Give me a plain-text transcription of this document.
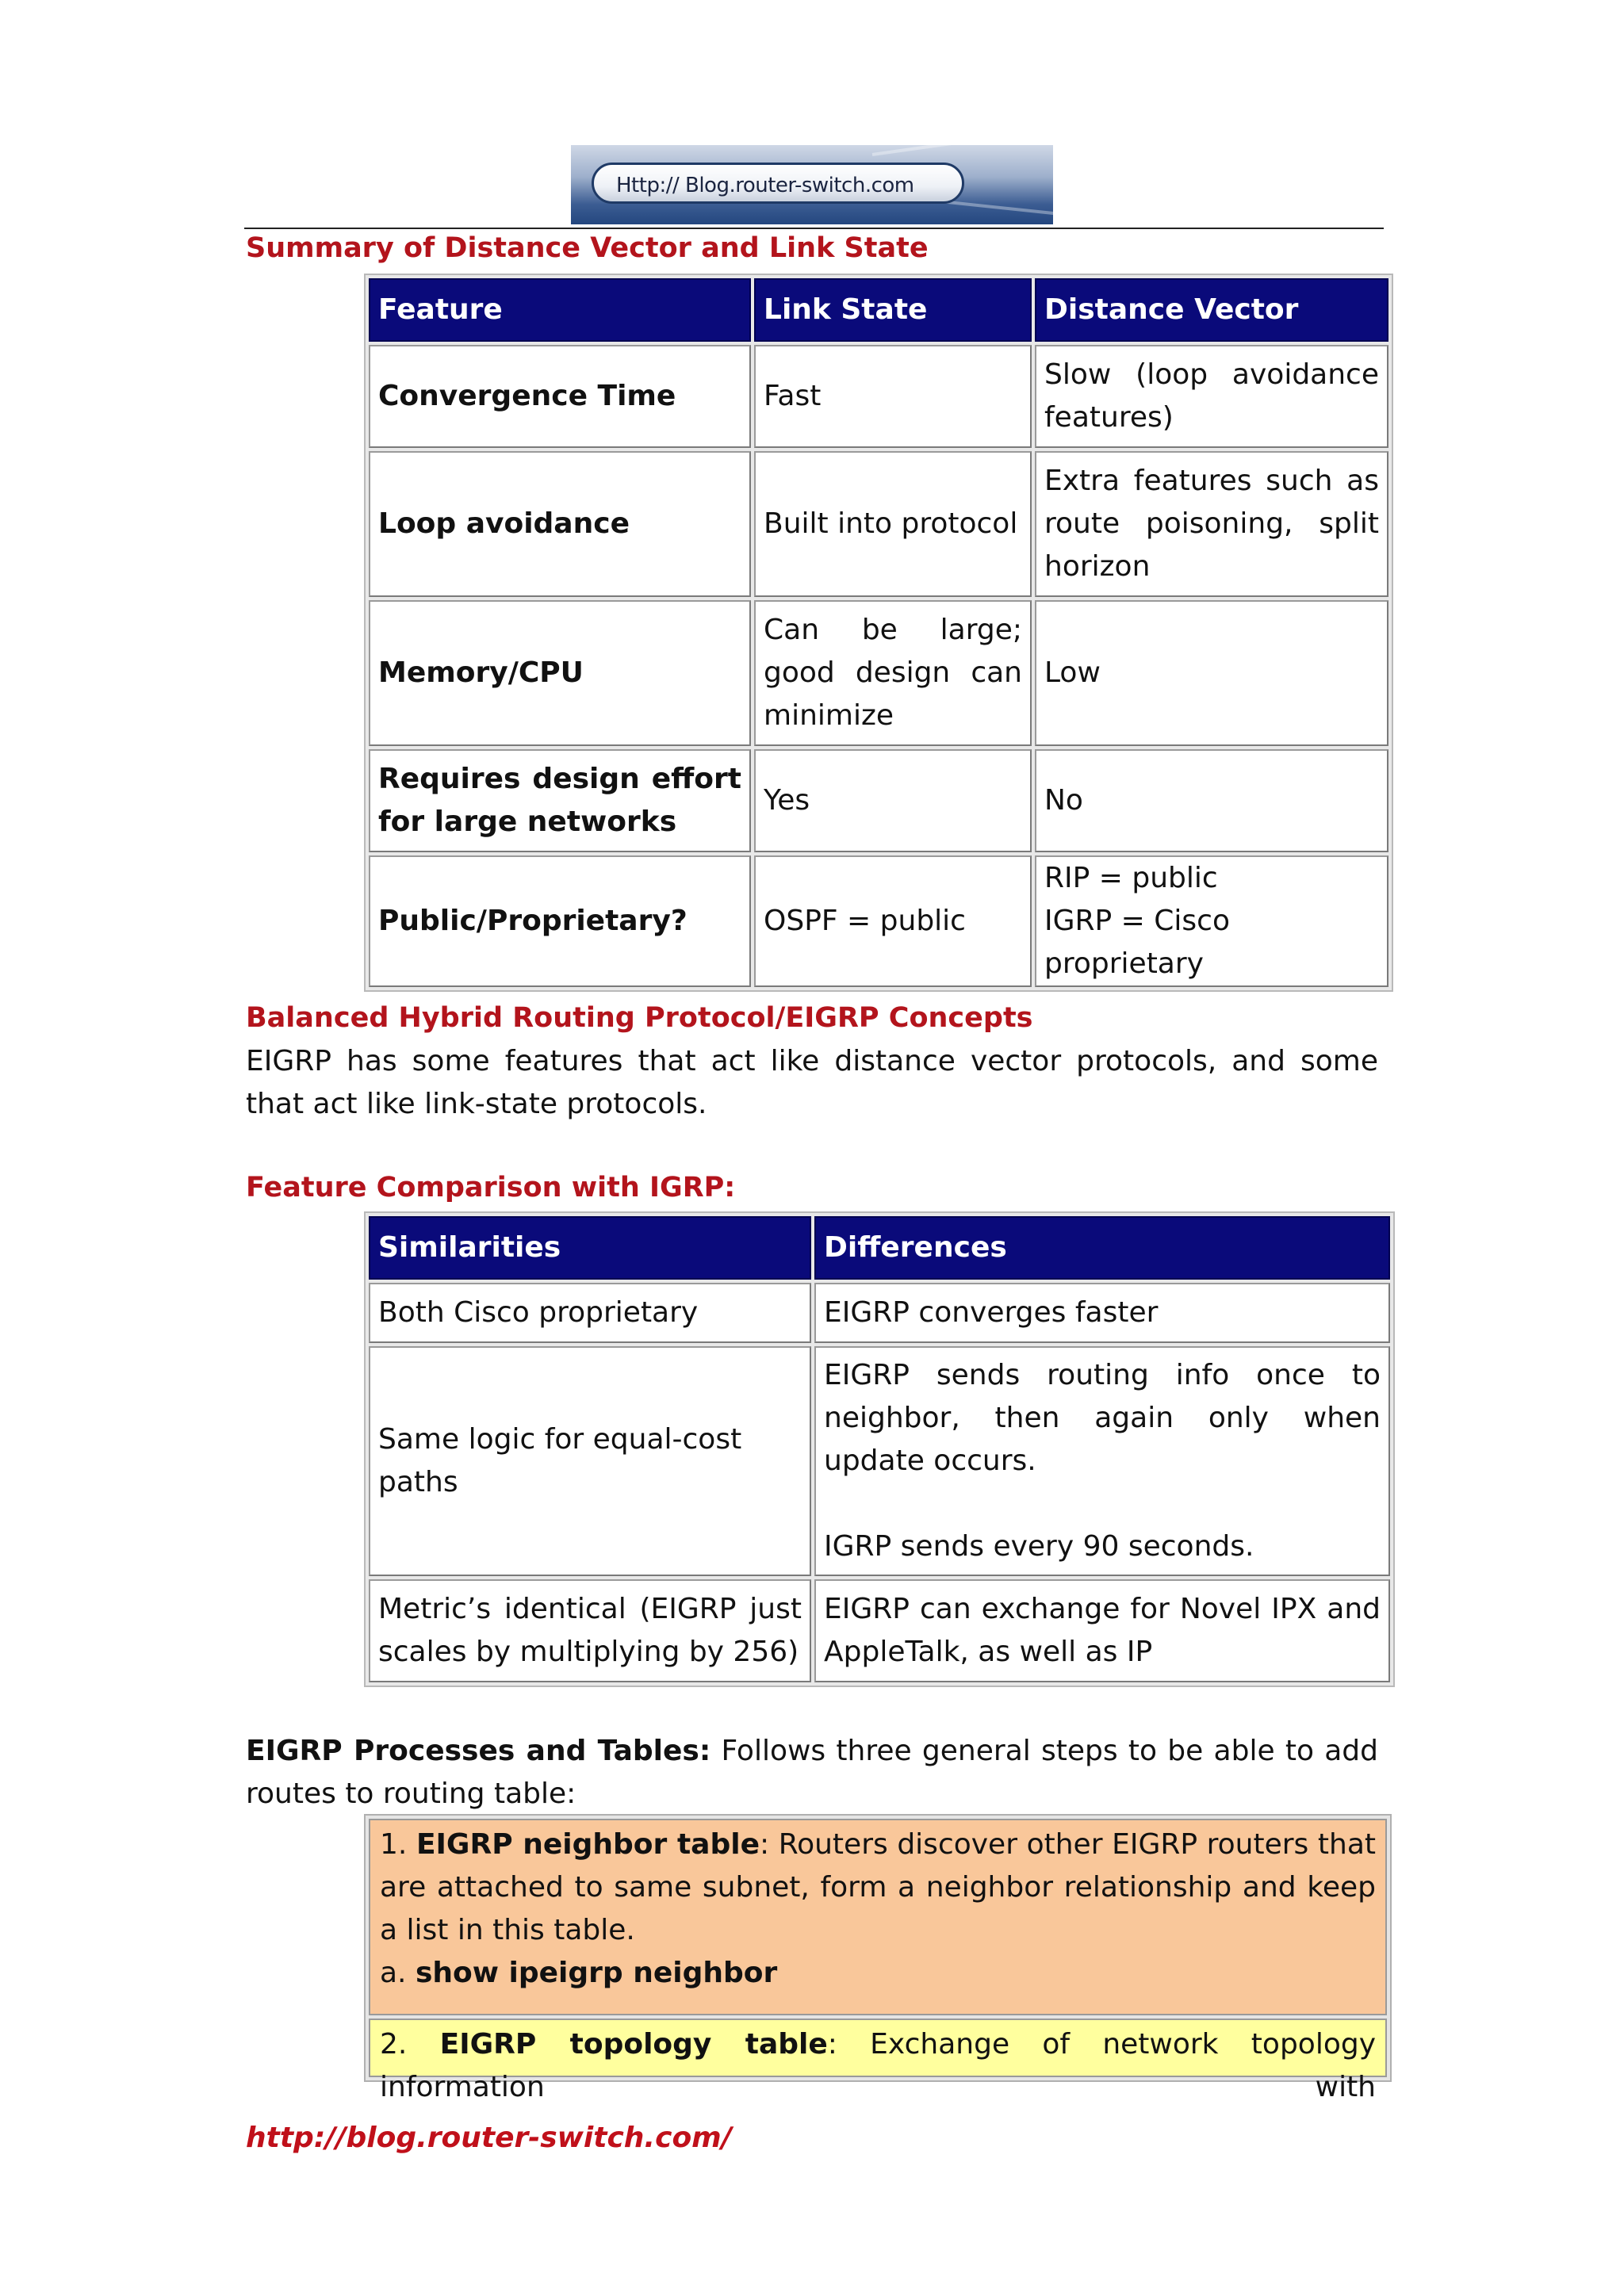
Http:// Blog.router-switch.com
Summary of Distance Vector and Link State
Feature	Link State	Distance Vector
Convergence Time	Fast	Slow (loop avoidance features)
Loop avoidance	Built into protocol	Extra features such as route poisoning, split horizon
Memory/CPU	Can be large; good design can minimize	Low
Requires design effort for large networks	Yes	No
Public/Proprietary?	OSPF = public	RIP = public
IGRP = Cisco proprietary
Balanced Hybrid Routing Protocol/EIGRP Concepts
EIGRP has some features that act like distance vector protocols, and some that act like link-state protocols.
Feature Comparison with IGRP:
Similarities	Differences
Both Cisco proprietary	EIGRP converges faster
Same logic for equal-cost paths	EIGRP sends routing info once to neighbor, then again only when update occurs.
IGRP sends every 90 seconds.

Metric’s identical (EIGRP just scales by multiplying by 256)	EIGRP can exchange for Novel IPX and AppleTalk, as well as IP
EIGRP Processes and Tables: Follows three general steps to be able to add routes to routing table:
1. EIGRP neighbor table: Routers discover other EIGRP routers that are attached to same subnet, form a neighbor relationship and keep a list in this table.
a. show ipeigrp neighbor
2. EIGRP topology table: Exchange of network topology information with
http://blog.router-switch.com/
